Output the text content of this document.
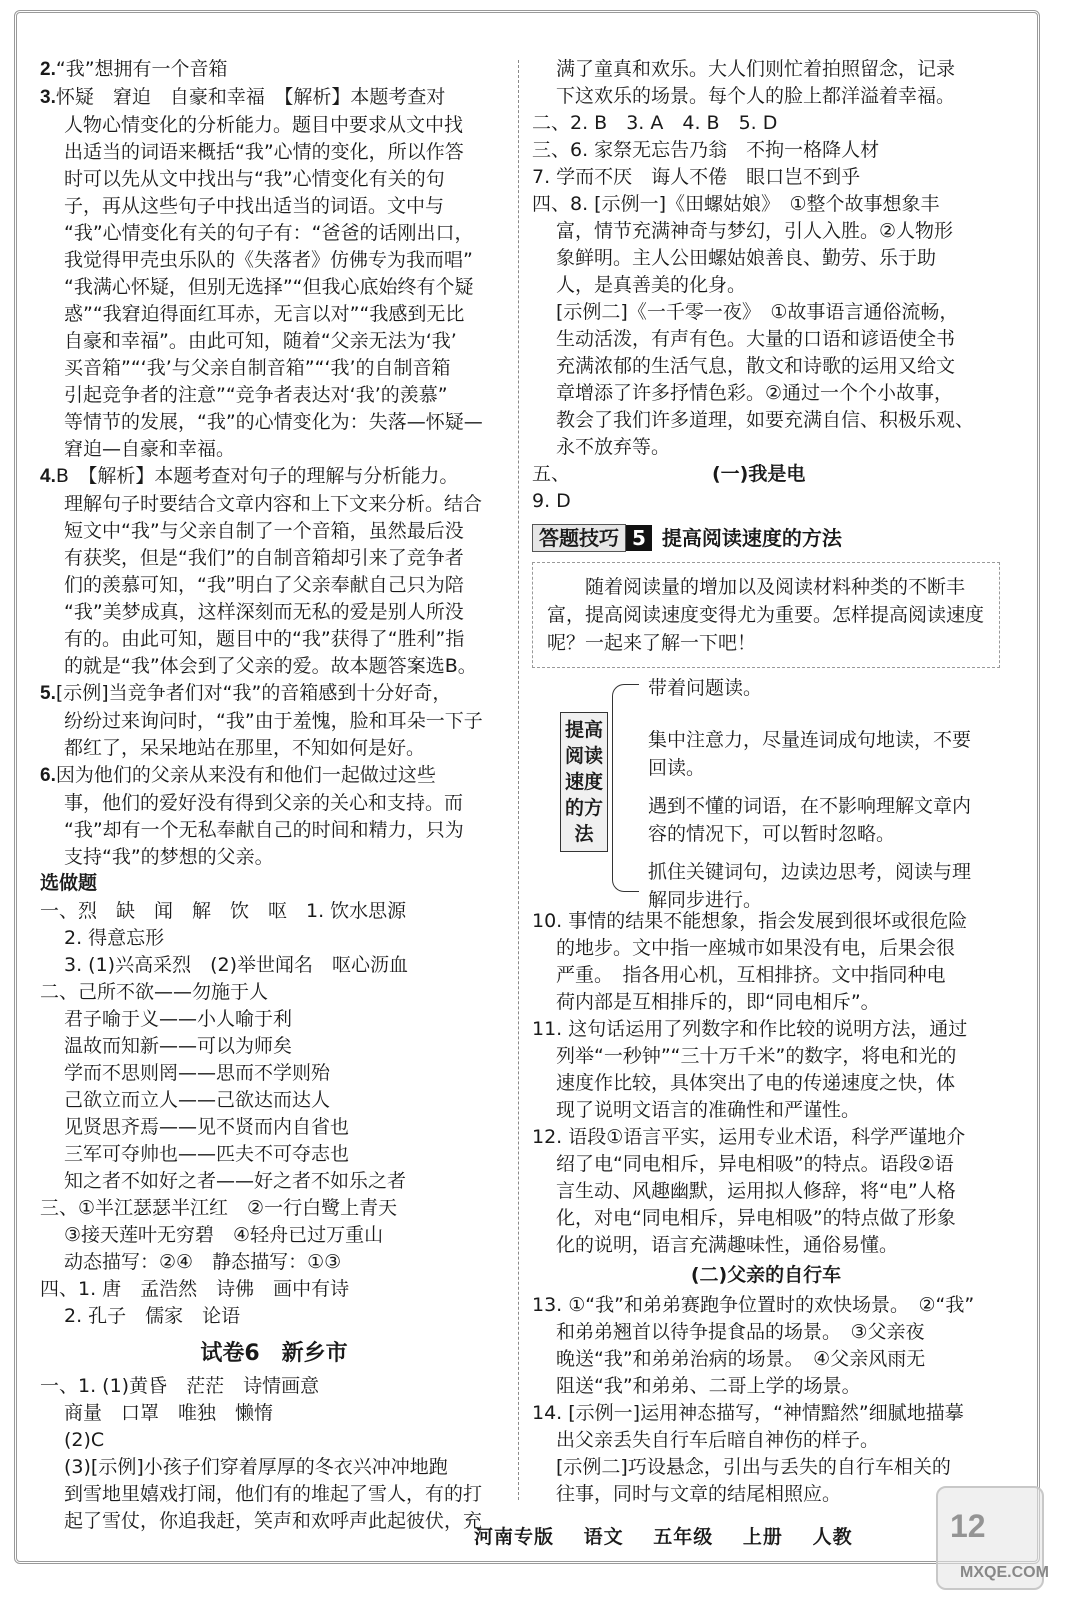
2.“我”想拥有一个音箱
3.怀疑　窘迫　自豪和幸福　【解析】本题考查对
人物心情变化的分析能力。题目中要求从文中找
出适当的词语来概括“我”心情的变化，所以作答
时可以先从文中找出与“我”心情变化有关的句
子，再从这些句子中找出适当的词语。文中与
“我”心情变化有关的句子有：“爸爸的话刚出口，
我觉得甲壳虫乐队的《失落者》仿佛专为我而唱”
“我满心怀疑，但别无选择”“但我心底始终有个疑
惑”“我窘迫得面红耳赤，无言以对”“我感到无比
自豪和幸福”。由此可知，随着“父亲无法为‘我’
买音箱”“‘我’与父亲自制音箱”“‘我’的自制音箱
引起竞争者的注意”“竞争者表达对‘我’的羡慕”
等情节的发展，“我”的心情变化为：失落—怀疑—
窘迫—自豪和幸福。
4.B　【解析】本题考查对句子的理解与分析能力。
理解句子时要结合文章内容和上下文来分析。结合
短文中“我”与父亲自制了一个音箱，虽然最后没
有获奖，但是“我们”的自制音箱却引来了竞争者
们的羡慕可知，“我”明白了父亲奉献自己只为陪
“我”美梦成真，这样深刻而无私的爱是别人所没
有的。由此可知，题目中的“我”获得了“胜利”指
的就是“我”体会到了父亲的爱。故本题答案选B。
5.[示例]当竞争者们对“我”的音箱感到十分好奇，
纷纷过来询问时，“我”由于羞愧，脸和耳朵一下子
都红了，呆呆地站在那里，不知如何是好。
6.因为他们的父亲从来没有和他们一起做过这些
事，他们的爱好没有得到父亲的关心和支持。而
“我”却有一个无私奉献自己的时间和精力，只为
支持“我”的梦想的父亲。
选做题
一、烈　缺　闻　解　饮　呕　1. 饮水思源
2. 得意忘形
3. (1)兴高采烈　(2)举世闻名　呕心沥血
二、己所不欲——勿施于人
君子喻于义——小人喻于利
温故而知新——可以为师矣
学而不思则罔——思而不学则殆
己欲立而立人——己欲达而达人
见贤思齐焉——见不贤而内自省也
三军可夺帅也——匹夫不可夺志也
知之者不如好之者——好之者不如乐之者
三、①半江瑟瑟半江红　②一行白鹭上青天
③接天莲叶无穷碧　④轻舟已过万重山
动态描写：②④　静态描写：①③
四、1. 唐　孟浩然　诗佛　画中有诗
2. 孔子　儒家　论语
试卷6　新乡市
一、1. (1)黄昏　茫茫　诗情画意
商量　口罩　唯独　懒惰
(2)C
(3)[示例]小孩子们穿着厚厚的冬衣兴冲冲地跑
到雪地里嬉戏打闹，他们有的堆起了雪人，有的打
起了雪仗，你追我赶，笑声和欢呼声此起彼伏，充
满了童真和欢乐。大人们则忙着拍照留念，记录
下这欢乐的场景。每个人的脸上都洋溢着幸福。
二、2. B　3. A　4. B　5. D
三、6. 家祭无忘告乃翁　不拘一格降人材
7. 学而不厌　诲人不倦　眼口岂不到乎
四、8. [示例一]《田螺姑娘》　①整个故事想象丰
富，情节充满神奇与梦幻，引人入胜。②人物形
象鲜明。主人公田螺姑娘善良、勤劳、乐于助
人，是真善美的化身。
[示例二]《一千零一夜》　①故事语言通俗流畅，
生动活泼，有声有色。大量的口语和谚语使全书
充满浓郁的生活气息，散文和诗歌的运用又给文
章增添了许多抒情色彩。②通过一个个小故事，
教会了我们许多道理，如要充满自信、积极乐观、
永不放弃等。
五、	(一)我是电
9. D
答题技巧 5 提高阅读速度的方法
随着阅读量的增加以及阅读材料种类的不断丰富，提高阅读速度变得尤为重要。怎样提高阅读速度呢？一起来了解一下吧！
提高阅读速度的方法
带着问题读。
集中注意力，尽量连词成句地读，不要回读。
遇到不懂的词语，在不影响理解文章内容的情况下，可以暂时忽略。
抓住关键词句，边读边思考，阅读与理解同步进行。
10. 事情的结果不能想象，指会发展到很坏或很危险
的地步。文中指一座城市如果没有电，后果会很
严重。　指各用心机，互相排挤。文中指同种电
荷内部是互相排斥的，即“同电相斥”。
11. 这句话运用了列数字和作比较的说明方法，通过
列举“一秒钟”“三十万千米”的数字，将电和光的
速度作比较，具体突出了电的传递速度之快，体
现了说明文语言的准确性和严谨性。
12. 语段①语言平实，运用专业术语，科学严谨地介
绍了电“同电相斥，异电相吸”的特点。语段②语
言生动、风趣幽默，运用拟人修辞，将“电”人格
化，对电“同电相斥，异电相吸”的特点做了形象
化的说明，语言充满趣味性，通俗易懂。
(二)父亲的自行车
13. ①“我”和弟弟赛跑争位置时的欢快场景。　②“我”
和弟弟翘首以待争提食品的场景。　③父亲夜
晚送“我”和弟弟治病的场景。　④父亲风雨无
阻送“我”和弟弟、二哥上学的场景。
14. [示例一]运用神态描写，“神情黯然”细腻地描摹
出父亲丢失自行车后暗自神伤的样子。
[示例二]巧设悬念，引出与丢失的自行车相关的
往事，同时与文章的结尾相照应。
河南专版 语文 五年级 上册 人教
MXQE.COM
